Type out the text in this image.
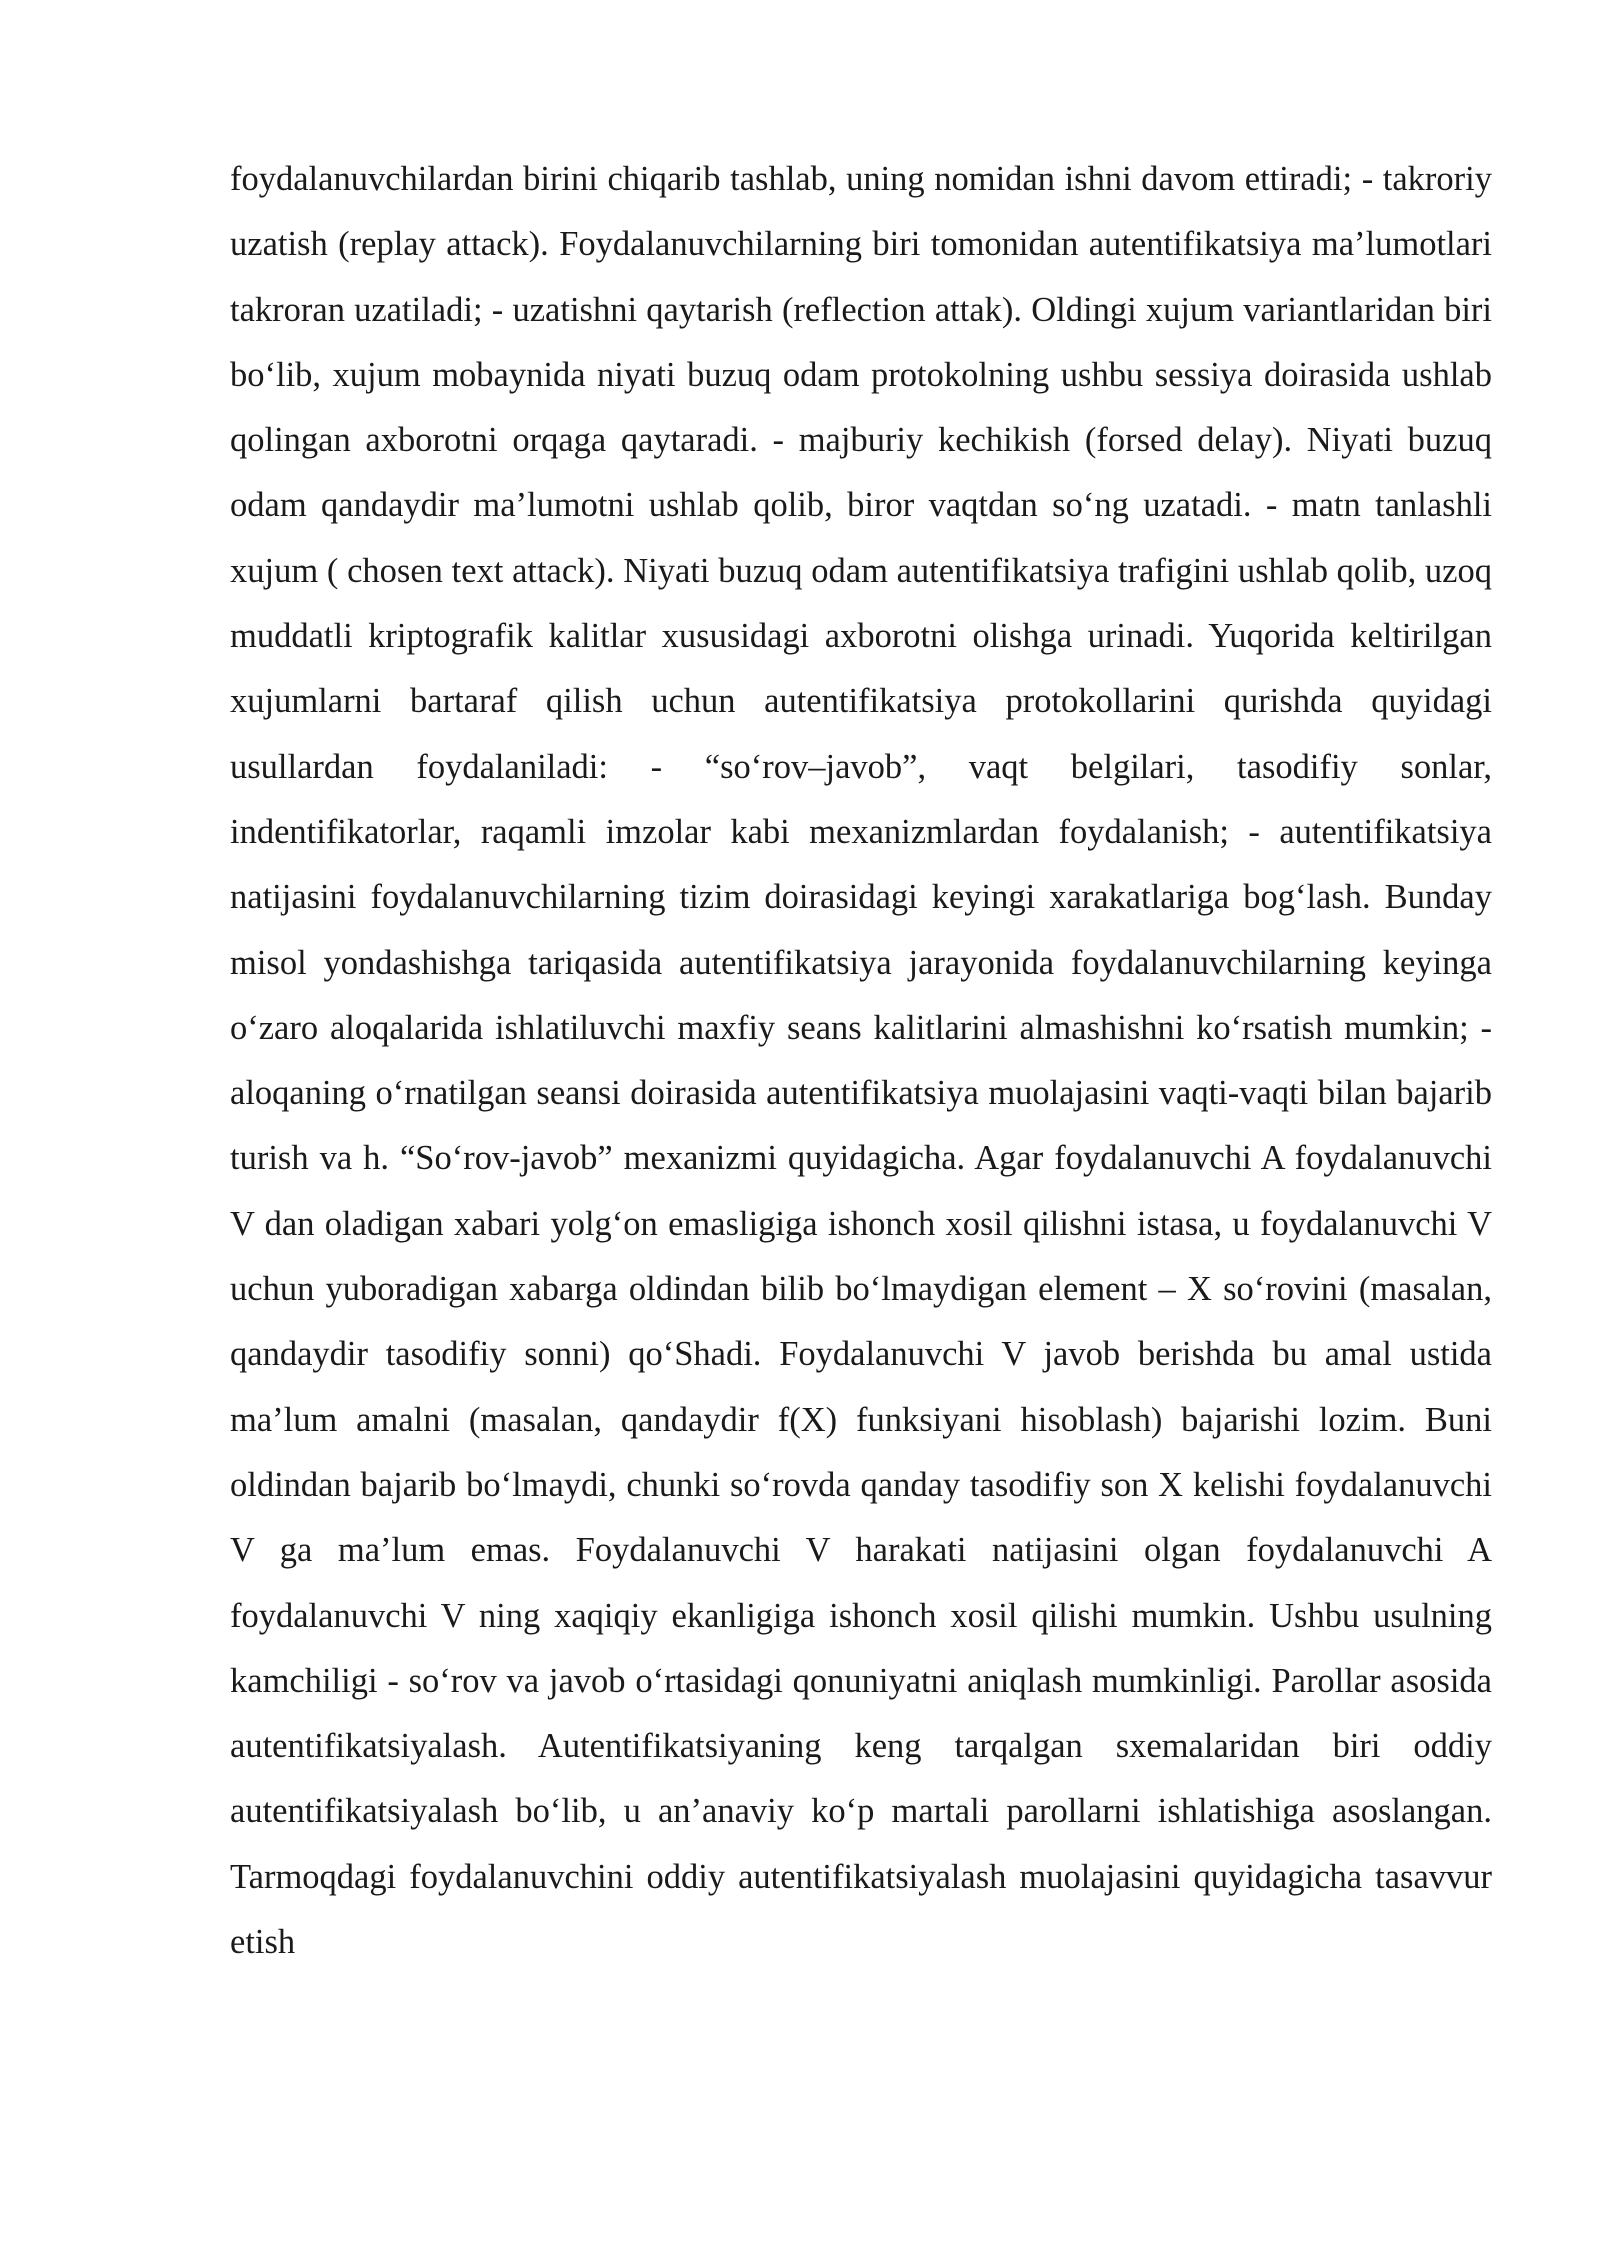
foydalanuvchilardan birini chiqarib tashlab, uning nomidan ishni davom ettiradi; - takroriy uzatish (replay attack). Foydalanuvchilarning biri tomonidan autentifikatsiya ma’lumotlari takroran uzatiladi; - uzatishni qaytarish (reflection attak). Oldingi xujum variantlaridan biri bo‘lib, xujum mobaynida niyati buzuq odam protokolning ushbu sessiya doirasida ushlab qolingan axborotni orqaga qaytaradi. - majburiy kechikish (forsed delay). Niyati buzuq odam qandaydir ma’lumotni ushlab qolib, biror vaqtdan so‘ng uzatadi. - matn tanlashli xujum ( chosen text attack). Niyati buzuq odam autentifikatsiya trafigini ushlab qolib, uzoq muddatli kriptografik kalitlar xususidagi axborotni olishga urinadi. Yuqorida keltirilgan xujumlarni bartaraf qilish uchun autentifikatsiya protokollarini qurishda quyidagi usullardan foydalaniladi: - “so‘rov–javob”, vaqt belgilari, tasodifiy sonlar, indentifikatorlar, raqamli imzolar kabi mexanizmlardan foydalanish; - autentifikatsiya natijasini foydalanuvchilarning tizim doirasidagi keyingi xarakatlariga bog‘lash. Bunday misol yondashishga tariqasida autentifikatsiya jarayonida foydalanuvchilarning keyinga o‘zaro aloqalarida ishlatiluvchi maxfiy seans kalitlarini almashishni ko‘rsatish mumkin; - aloqaning o‘rnatilgan seansi doirasida autentifikatsiya muolajasini vaqti-vaqti bilan bajarib turish va h. “So‘rov-javob” mexanizmi quyidagicha. Agar foydalanuvchi A foydalanuvchi V dan oladigan xabari yolg‘on emasligiga ishonch xosil qilishni istasa, u foydalanuvchi V uchun yuboradigan xabarga oldindan bilib bo‘lmaydigan element – X so‘rovini (masalan, qandaydir tasodifiy sonni) qo‘Shadi. Foydalanuvchi V javob berishda bu amal ustida ma’lum amalni (masalan, qandaydir f(X) funksiyani hisoblash) bajarishi lozim. Buni oldindan bajarib bo‘lmaydi, chunki so‘rovda qanday tasodifiy son X kelishi foydalanuvchi V ga ma’lum emas. Foydalanuvchi V harakati natijasini olgan foydalanuvchi A foydalanuvchi V ning xaqiqiy ekanligiga ishonch xosil qilishi mumkin. Ushbu usulning kamchiligi - so‘rov va javob o‘rtasidagi qonuniyatni aniqlash mumkinligi. Parollar asosida autentifikatsiyalash. Autentifikatsiyaning keng tarqalgan sxemalaridan biri oddiy autentifikatsiyalash bo‘lib, u an’anaviy ko‘p martali parollarni ishlatishiga asoslangan. Tarmoqdagi foydalanuvchini oddiy autentifikatsiyalash muolajasini quyidagicha tasavvur etish
